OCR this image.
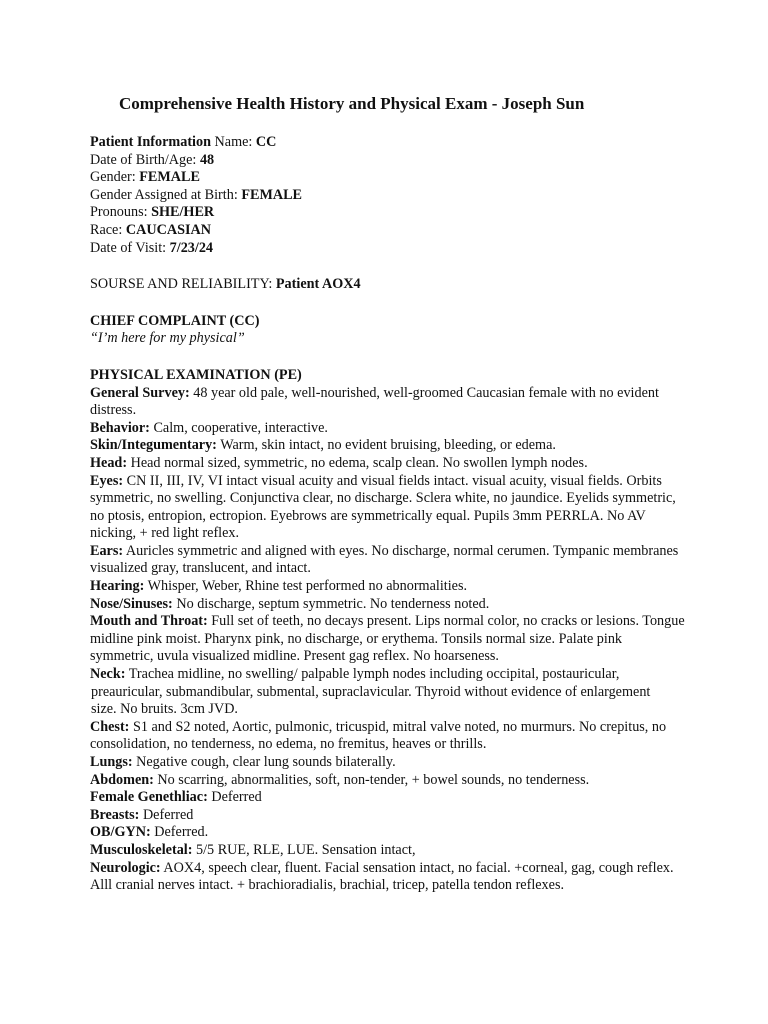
Comprehensive Health History and Physical Exam - Joseph Sun
Patient Information Name: CC
Date of Birth/Age: 48
Gender: FEMALE
Gender Assigned at Birth: FEMALE
Pronouns: SHE/HER
Race: CAUCASIAN
Date of Visit: 7/23/24
SOURSE AND RELIABILITY: Patient AOX4
CHIEF COMPLAINT (CC)
“I’m here for my physical”
PHYSICAL EXAMINATION (PE)
General Survey: 48 year old pale, well-nourished, well-groomed Caucasian female with no evident
distress.
Behavior: Calm, cooperative, interactive.
Skin/Integumentary: Warm, skin intact, no evident bruising, bleeding, or edema.
Head: Head normal sized, symmetric, no edema, scalp clean. No swollen lymph nodes.
Eyes: CN II, III, IV, VI intact visual acuity and visual fields intact. visual acuity, visual fields. Orbits
symmetric, no swelling. Conjunctiva clear, no discharge. Sclera white, no jaundice. Eyelids symmetric,
no ptosis, entropion, ectropion. Eyebrows are symmetrically equal. Pupils 3mm PERRLA. No AV
nicking, + red light reflex.
Ears: Auricles symmetric and aligned with eyes. No discharge, normal cerumen. Tympanic membranes
visualized gray, translucent, and intact.
Hearing: Whisper, Weber, Rhine test performed no abnormalities.
Nose/Sinuses: No discharge, septum symmetric. No tenderness noted.
Mouth and Throat: Full set of teeth, no decays present. Lips normal color, no cracks or lesions. Tongue
midline pink moist. Pharynx pink, no discharge, or erythema. Tonsils normal size. Palate pink
symmetric, uvula visualized midline. Present gag reflex. No hoarseness.
Neck: Trachea midline, no swelling/ palpable lymph nodes including occipital, postauricular,
preauricular, submandibular, submental, supraclavicular. Thyroid without evidence of enlargement
size. No bruits. 3cm JVD.
Chest: S1 and S2 noted, Aortic, pulmonic, tricuspid, mitral valve noted, no murmurs. No crepitus, no
consolidation, no tenderness, no edema, no fremitus, heaves or thrills.
Lungs: Negative cough, clear lung sounds bilaterally.
Abdomen: No scarring, abnormalities, soft, non-tender, + bowel sounds, no tenderness.
Female Genethliac: Deferred
Breasts: Deferred
OB/GYN: Deferred.
Musculoskeletal: 5/5 RUE, RLE, LUE. Sensation intact,
Neurologic: AOX4, speech clear, fluent. Facial sensation intact, no facial. +corneal, gag, cough reflex.
Alll cranial nerves intact. + brachioradialis, brachial, tricep, patella tendon reflexes.
